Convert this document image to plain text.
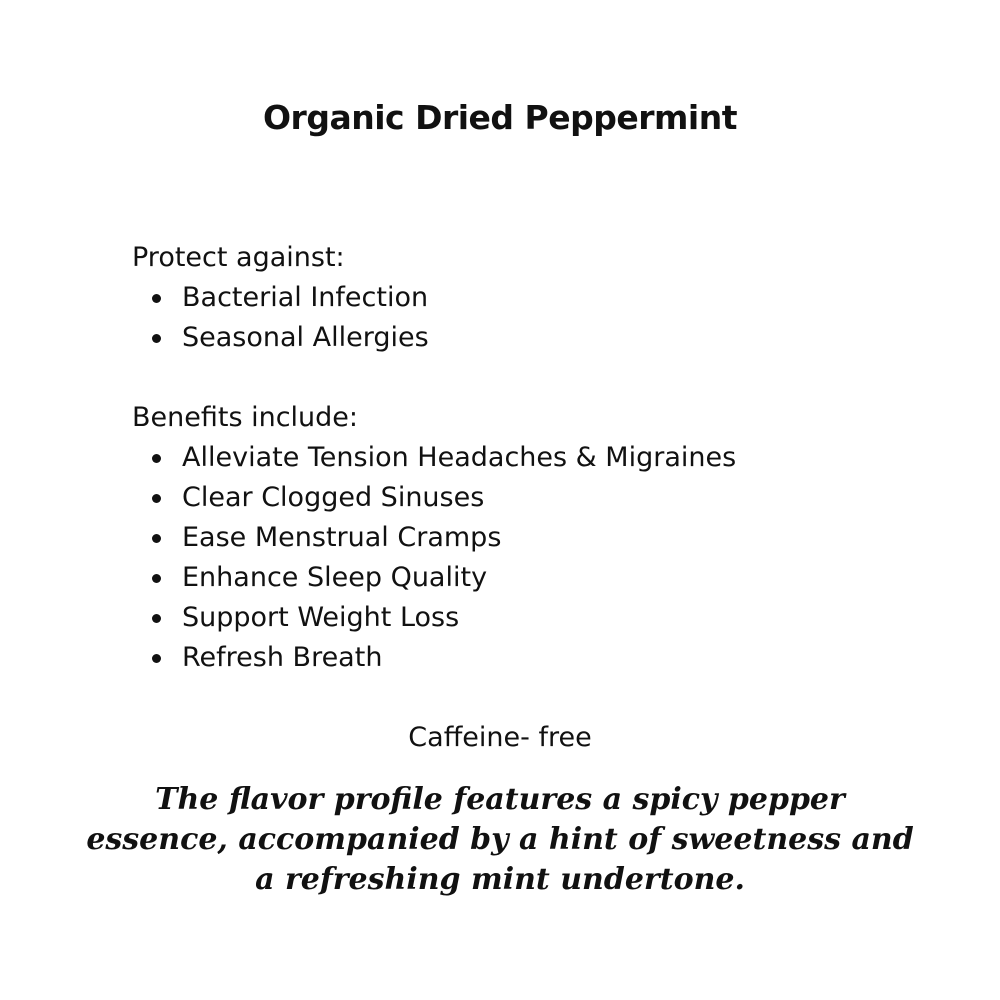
Organic Dried Peppermint

Protect against:

Bacterial Infection
Seasonal Allergies

Benefits include:

Alleviate Tension Headaches & Migraines
Clear Clogged Sinuses
Ease Menstrual Cramps
Enhance Sleep Quality
Support Weight Loss
Refresh Breath
Caffeine- free
The flavor profile features a spicy pepper essence, accompanied by a hint of sweetness and a refreshing mint undertone.
